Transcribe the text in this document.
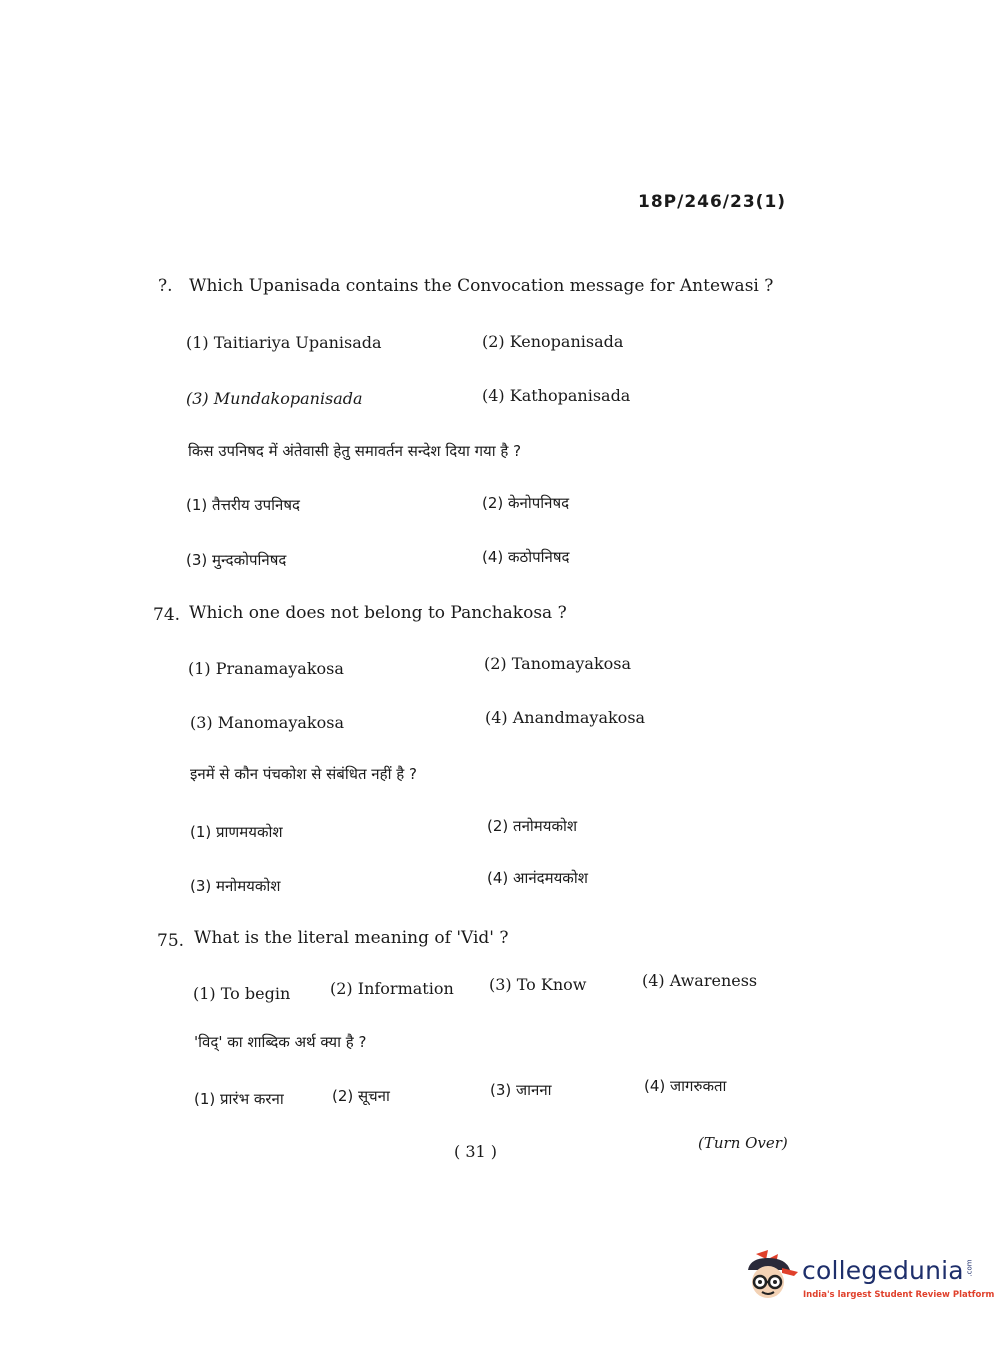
18P/246/23(1)
?. Which Upanisada contains the Convocation message for Antewasi ?
(1) Taitiariya Upanisada	(2) Kenopanisada
(3) Mundakopanisada	(4) Kathopanisada
किस उपनिषद में अंतेवासी हेतु समावर्तन सन्देश दिया गया है ?
(1) तैत्तरीय उपनिषद	(2) केनोपनिषद
(3) मुन्दकोपनिषद	(4) कठोपनिषद
74. Which one does not belong to Panchakosa ?
(1) Pranamayakosa	(2) Tanomayakosa
(3) Manomayakosa	(4) Anandmayakosa
इनमें से कौन पंचकोश से संबंधित नहीं है ?
(1) प्राणमयकोश	(2) तनोमयकोश
(3) मनोमयकोश	(4) आनंदमयकोश
75. What is the literal meaning of 'Vid' ?
(1) To begin (2) Information (3) To Know	(4) Awareness
'विद्' का शाब्दिक अर्थ क्या है ?
(1) प्रारंभ करना	(2) सूचना	(3) जानना	(4) जागरुकता
( 31 )	(Turn Over)
collegedunia .com
India's largest Student Review Platform
